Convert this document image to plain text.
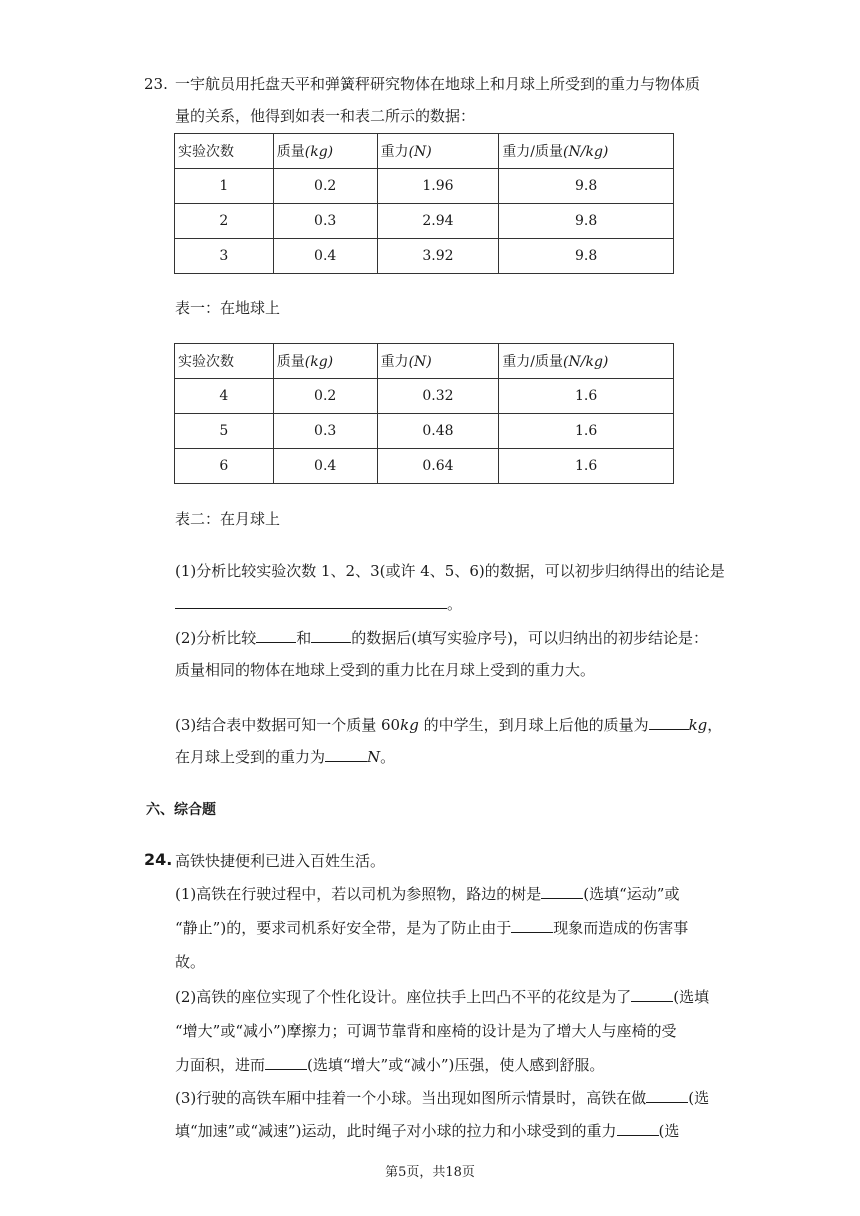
23. 一宇航员用托盘天平和弹簧秤研究物体在地球上和月球上所受到的重力与物体质
量的关系，他得到如表一和表二所示的数据：
实验次数	质量(kg)	重力(N)	重力/质量(N/kg)
1	0.2	1.96	9.8
2	0.3	2.94	9.8
3	0.4	3.92	9.8
表一：在地球上
实验次数	质量(kg)	重力(N)	重力/质量(N/kg)
4	0.2	0.32	1.6
5	0.3	0.48	1.6
6	0.4	0.64	1.6
表二：在月球上
(1)分析比较实验次数 1、2、3(或许 4、5、6)的数据，可以初步归纳得出的结论是
。
(2)分析比较	和	的数据后(填写实验序号)，可以归纳出的初步结论是：
质量相同的物体在地球上受到的重力比在月球上受到的重力大。
(3)结合表中数据可知一个质量 60kg 的中学生，到月球上后他的质量为	kg，
在月球上受到的重力为	N。
六、综合题
24. 高铁快捷便利已进入百姓生活。
(1)高铁在行驶过程中，若以司机为参照物，路边的树是	(选填“运动”或
“静止”)的，要求司机系好安全带，是为了防止由于	现象而造成的伤害事
故。
(2)高铁的座位实现了个性化设计。座位扶手上凹凸不平的花纹是为了	(选填
“增大”或“减小”)摩擦力；可调节靠背和座椅的设计是为了增大人与座椅的受
力面积，进而	(选填“增大”或“减小”)压强，使人感到舒服。
(3)行驶的高铁车厢中挂着一个小球。当出现如图所示情景时，高铁在做	(选
填“加速”或“减速”)运动，此时绳子对小球的拉力和小球受到的重力	(选
第5页，共18页
